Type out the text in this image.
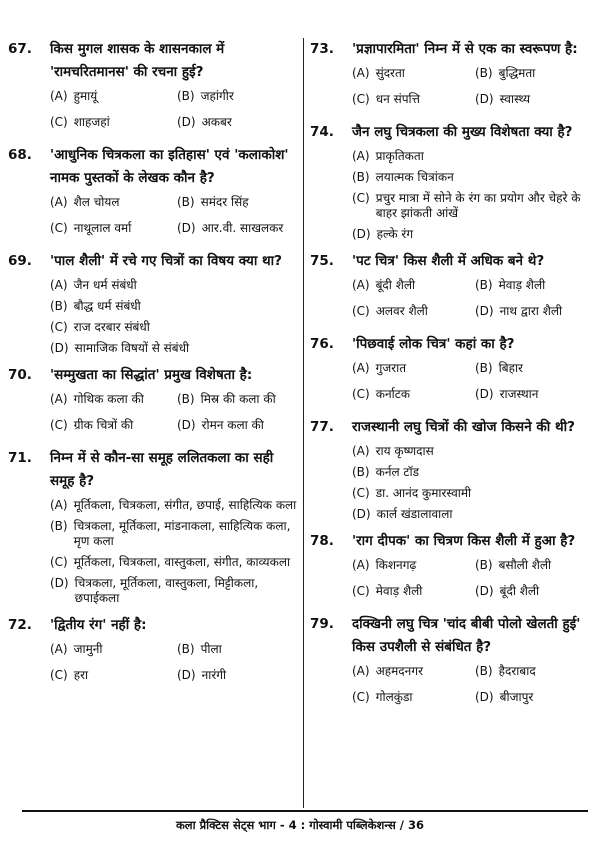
67.	किस मुगल शासक के शासनकाल में 'रामचरितमानस' की रचना हुई?
(A) हुमायूं	(B) जहांगीर
(C) शाहजहां	(D) अकबर
68.	'आधुनिक चित्रकला का इतिहास' एवं 'कलाकोश' नामक पुस्तकों के लेखक कौन है?
(A) शैल चोयल	(B) समंदर सिंह
(C) नाथूलाल वर्मा	(D) आर.वी. साखलकर
69.	'पाल शैली' में रचे गए चित्रों का विषय क्या था?
(A) जैन धर्म संबंधी
(B) बौद्ध धर्म संबंधी
(C) राज दरबार संबंधी
(D) सामाजिक विषयों से संबंधी
70.	'सम्मुखता का सिद्धांत' प्रमुख विशेषता है:
(A) गोथिक कला की	(B) मिस्र की कला की
(C) ग्रीक चित्रों की	(D) रोमन कला की
71.	निम्न में से कौन-सा समूह ललितकला का सही समूह है?
(A) मूर्तिकला, चित्रकला, संगीत, छपाई, साहित्यिक कला
(B) चित्रकला, मूर्तिकला, मांडनाकला, साहित्यिक कला, मृण कला
(C) मूर्तिकला, चित्रकला, वास्तुकला, संगीत, काव्यकला
(D) चित्रकला, मूर्तिकला, वास्तुकला, मिट्टीकला, छपाईकला
72.	'द्वितीय रंग' नहीं है:
(A) जामुनी	(B) पीला
(C) हरा	(D) नारंगी
73.	'प्रज्ञापारमिता' निम्न में से एक का स्वरूपण है:
(A) सुंदरता	(B) बुद्धिमता
(C) धन संपत्ति	(D) स्वास्थ्य
74.	जैन लघु चित्रकला की मुख्य विशेषता क्या है?
(A) प्राकृतिकता
(B) लयात्मक चित्रांकन
(C) प्रचुर मात्रा में सोने के रंग का प्रयोग और चेहरे के बाहर झांकती आंखें
(D) हल्के रंग
75.	'पट चित्र' किस शैली में अधिक बने थे?
(A) बूंदी शैली	(B) मेवाड़ शैली
(C) अलवर शैली	(D) नाथ द्वारा शैली
76.	'पिछवाई लोक चित्र' कहां का है?
(A) गुजरात	(B) बिहार
(C) कर्नाटक	(D) राजस्थान
77.	राजस्थानी लघु चित्रों की खोज किसने की थी?
(A) राय कृष्णदास
(B) कर्नल टॉड
(C) डा. आनंद कुमारस्वामी
(D) कार्ल खंडालावाला
78.	'राग दीपक' का चित्रण किस शैली में हुआ है?
(A) किशनगढ़	(B) बसौली शैली
(C) मेवाड़ शैली	(D) बूंदी शैली
79.	दक्खिनी लघु चित्र 'चांद बीबी पोलो खेलती हुई' किस उपशैली से संबंधित है?
(A) अहमदनगर	(B) हैदराबाद
(C) गोलकुंडा	(D) बीजापुर
कला प्रैक्टिस सेट्स भाग - 4 : गोस्वामी पब्लिकेशन्स / 36
